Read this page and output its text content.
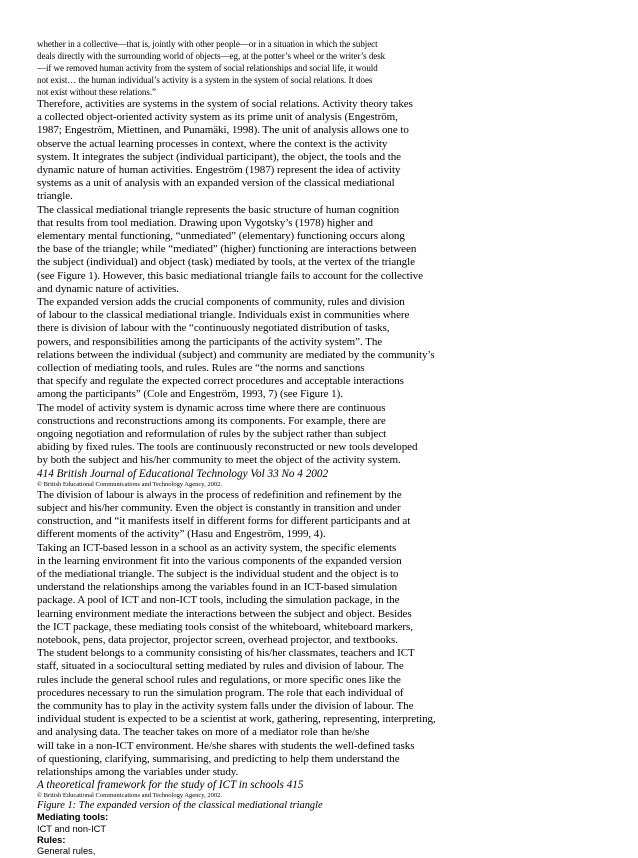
whether in a collective—that is, jointly with other people—or in a situation in which the subject
deals directly with the surrounding world of objects—eg, at the potter’s wheel or the writer’s desk
—if we removed human activity from the system of social relationships and social life, it would
not exist… the human individual’s activity is a system in the system of social relations. It does
not exist without these relations.”
Therefore, activities are systems in the system of social relations. Activity theory takes
a collected object-oriented activity system as its prime unit of analysis (Engeström,
1987; Engeström, Miettinen, and Punamäki, 1998). The unit of analysis allows one to
observe the actual learning processes in context, where the context is the activity
system. It integrates the subject (individual participant), the object, the tools and the
dynamic nature of human activities. Engeström (1987) represent the idea of activity
systems as a unit of analysis with an expanded version of the classical mediational
triangle.
The classical mediational triangle represents the basic structure of human cognition
that results from tool mediation. Drawing upon Vygotsky’s (1978) higher and
elementary mental functioning, “unmediated” (elementary) functioning occurs along
the base of the triangle; while “mediated” (higher) functioning are interactions between
the subject (individual) and object (task) mediated by tools, at the vertex of the triangle
(see Figure 1). However, this basic mediational triangle fails to account for the collective
and dynamic nature of activities.
The expanded version adds the crucial components of community, rules and division
of labour to the classical mediational triangle. Individuals exist in communities where
there is division of labour with the “continuously negotiated distribution of tasks,
powers, and responsibilities among the participants of the activity system”. The
relations between the individual (subject) and community are mediated by the community’s
collection of mediating tools, and rules. Rules are “the norms and sanctions
that specify and regulate the expected correct procedures and acceptable interactions
among the participants” (Cole and Engeström, 1993, 7) (see Figure 1).
The model of activity system is dynamic across time where there are continuous
constructions and reconstructions among its components. For example, there are
ongoing negotiation and reformulation of rules by the subject rather than subject
abiding by fixed rules. The tools are continuously reconstructed or new tools developed
by both the subject and his/her community to meet the object of the activity system.
414 British Journal of Educational Technology Vol 33 No 4 2002
© British Educational Communications and Technology Agency, 2002.
The division of labour is always in the process of redefinition and refinement by the
subject and his/her community. Even the object is constantly in transition and under
construction, and “it manifests itself in different forms for different participants and at
different moments of the activity” (Hasu and Engeström, 1999, 4).
Taking an ICT-based lesson in a school as an activity system, the specific elements
in the learning environment fit into the various components of the expanded version
of the mediational triangle. The subject is the individual student and the object is to
understand the relationships among the variables found in an ICT-based simulation
package. A pool of ICT and non-ICT tools, including the simulation package, in the
learning environment mediate the interactions between the subject and object. Besides
the ICT package, these mediating tools consist of the whiteboard, whiteboard markers,
notebook, pens, data projector, projector screen, overhead projector, and textbooks.
The student belongs to a community consisting of his/her classmates, teachers and ICT
staff, situated in a sociocultural setting mediated by rules and division of labour. The
rules include the general school rules and regulations, or more specific ones like the
procedures necessary to run the simulation program. The role that each individual of
the community has to play in the activity system falls under the division of labour. The
individual student is expected to be a scientist at work, gathering, representing, interpreting,
and analysing data. The teacher takes on more of a mediator role than he/she
will take in a non-ICT environment. He/she shares with students the well-defined tasks
of questioning, clarifying, summarising, and predicting to help them understand the
relationships among the variables under study.
A theoretical framework for the study of ICT in schools 415
© British Educational Communications and Technology Agency, 2002.
Figure 1: The expanded version of the classical mediational triangle
Mediating tools:
ICT and non-ICT
Rules:
General rules,
